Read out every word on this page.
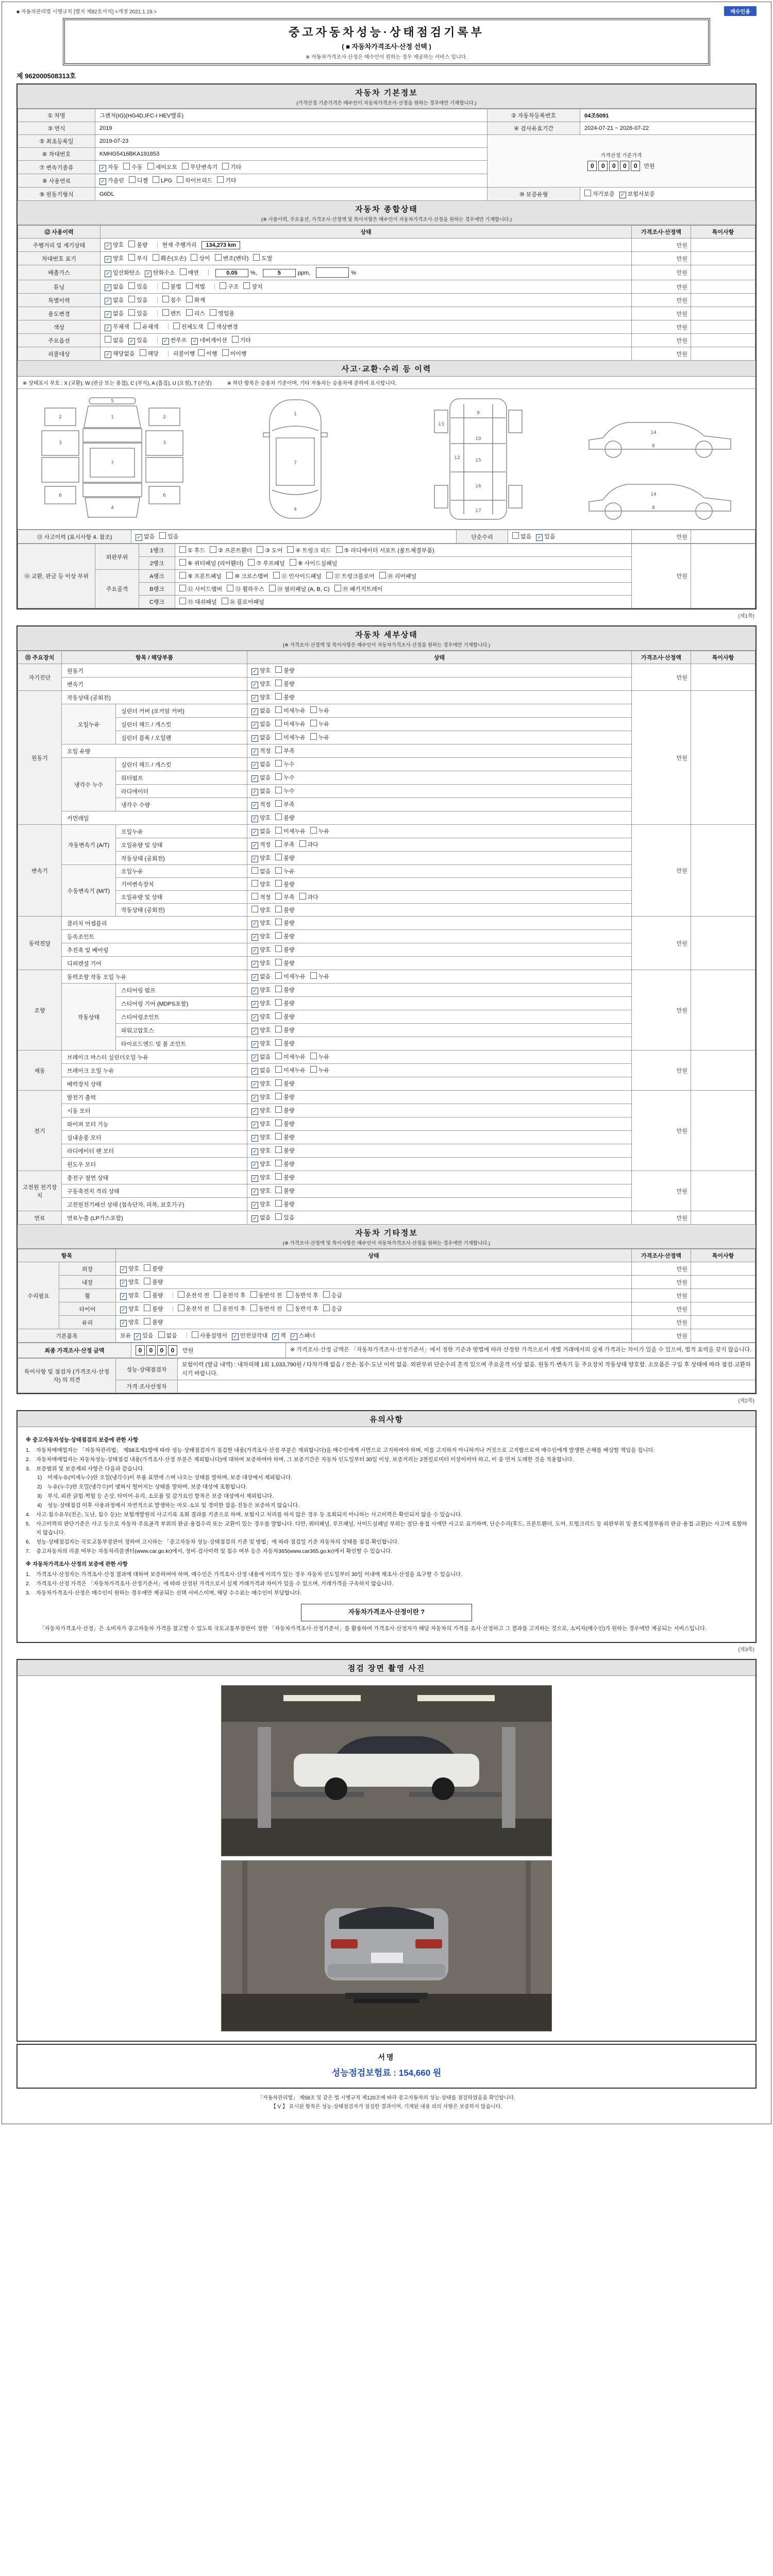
■ 자동차관리법 시행규칙 [별지 제82호서식] <개정 2021.1.19.>	매수인용
중고자동차성능·상태점검기록부
( ■ 자동차가격조사·산정 선택 )
※ 자동차가격조사·산정은 매수인이 원하는 경우 제공하는 서비스 입니다.
제 962000508313호
자동차 기본정보
(가격산정 기준가격은 매수인이 자동차가격조사·산정을 원하는 경우에만 기재합니다.)
① 차명	그랜저(IG)(HG4D,IFC-I HEV밸류)	② 자동차등록번호	04조5091
③ 연식	2019	④ 검사유효기간	2024-07-21 ~ 2026-07-22
⑤ 최초등록일	2019-07-23	가격산정 기준가격
0 0 0 0 0 만원	

⑥ 차대번호	KMHG5416BKA191853		
⑦ 변속기종류	✓ 자동 수동 세미오토 무단변속기 기타		
⑧ 사용연료	✓ 가솔린 디젤 LPG 하이브리드 기타		
⑨ 원동기형식	G6DL	⑩ 보증유형	자가보증 ✓ 보험사보증
자동차 종합상태
(※ 사용이력, 주요옵션, 가격조사·산정액 및 특이사항은 매수인이 자동차가격조사·산정을 원하는 경우에만 기재합니다.)
⑫ 사용이력	상태	가격조사·산정액	특이사항
주행거리 및 계기상태	✓ 양호 불량 현재 주행거리 134,273 km	만원	
차대번호 표기	✓ 양호 부식 훼손(오손) 상이 변조(변타) 도말	만원	
배출가스	✓ 일산화탄소 ✓ 탄화수소 매연 0.05 %, 5 ppm,　 %	만원	
튜닝	✓ 없음 있음 불법 적법 구조 장치	만원	
특별이력	✓ 없음 있음 침수 화재	만원	
용도변경	✓ 없음 있음 렌트 리스 영업용	만원	
색상	✓ 무채색 유채색 전체도색 색상변경	만원	
주요옵션	없음 ✓ 있음 ✓ 썬루프 ✓ 네비게이션 기타	만원	
리콜대상	✓ 해당없음 해당 리콜이행 이행 미이행	만원	
사고·교환·수리 등 이력
※ 상태표시 부호 : X (교환), W (판금 또는 용접), C (부식), A (흠집), U (요철), T (손상)	※ 하단 항목은 승용차 기준이며, 기타 자동차는 승용차에 준하여 표시합니다.
1
2	2
3	3
4
5
6	6
7
1
7
4
9
10
12
13
15
16
17
14
8
14
8
⑬ 사고이력 (표시사항 4. 참조)	✓ 없음 있음	단순수리	없음 ✓ 있음	만원	
⑭ 교환, 판금 등 이상 부위	외판부위	1랭크	① 후드 ② 프론트휀더 ③ 도어 ④ 트렁크 리드 ⑤ 라디에이터 서포트 (볼트체결부품)	만원	
		2랭크	⑥ 쿼터패널 (리어휀더) ⑦ 루프패널 ⑧ 사이드실패널		
	주요골격	A랭크	⑨ 프론트패널 ⑩ 크로스멤버 ⑪ 인사이드패널 ⑰ 트렁크플로어 ⑱ 리어패널		
		B랭크	⑫ 사이드멤버 ⑬ 휠하우스 ⑭ 필러패널 (A, B, C) ⑲ 패키지트레이		
		C랭크	⑮ 대쉬패널 ⑯ 플로어패널		
(제1쪽)
자동차 세부상태
(※ 가격조사·산정액 및 특이사항은 매수인이 자동차가격조사·산정을 원하는 경우에만 기재합니다.)
⑮ 주요장치	항목 / 해당부품		상태	가격조사·산정액	특이사항
자기진단	원동기		✓ 양호 불량	만원	
	변속기		✓ 양호 불량		
원동기	작동상태 (공회전)		✓ 양호 불량	만원	
	오일누유	실린더 커버 (로커암 커버)	✓ 없음 미세누유 누유		
		실린더 헤드 / 개스킷	✓ 없음 미세누유 누유		
		실린더 블록 / 오일팬	✓ 없음 미세누유 누유		
	오일 유량		✓ 적정 부족		
	냉각수 누수	실린더 헤드 / 개스킷	✓ 없음 누수		
		워터펌프	✓ 없음 누수		
		라디에이터	✓ 없음 누수		
		냉각수 수량	✓ 적정 부족		
	커먼레일		✓ 양호 불량		
변속기	자동변속기 (A/T)	오일누유	✓ 없음 미세누유 누유	만원	
		오일유량 및 상태	✓ 적정 부족 과다		
		작동상태 (공회전)	✓ 양호 불량		
	수동변속기 (M/T)	오일누유	없음 누유		
		기어변속장치	양호 불량		
		오일유량 및 상태	적정 부족 과다		
		작동상태 (공회전)	양호 불량		
동력전달	클러치 어셈블리		✓ 양호 불량	만원	
	등속조인트		✓ 양호 불량		
	추진축 및 베어링		✓ 양호 불량		
	디퍼렌셜 기어		✓ 양호 불량		
조향	동력조향 작동 오일 누유		✓ 없음 미세누유 누유	만원	
	작동상태	스티어링 펌프	✓ 양호 불량		
		스티어링 기어 (MDPS포함)	✓ 양호 불량		
		스티어링조인트	✓ 양호 불량		
		파워고압호스	✓ 양호 불량		
		타이로드엔드 및 볼 조인트	✓ 양호 불량		
제동	브레이크 마스터 실린더오일 누유		✓ 없음 미세누유 누유	만원	
	브레이크 오일 누유		✓ 없음 미세누유 누유		
	배력장치 상태		✓ 양호 불량		
전기	발전기 출력		✓ 양호 불량	만원	
	시동 모터		✓ 양호 불량		
	와이퍼 모터 기능		✓ 양호 불량		
	실내송풍 모터		✓ 양호 불량		
	라디에이터 팬 모터		✓ 양호 불량		
	윈도우 모터		✓ 양호 불량		
고전원 전기장치	충전구 절연 상태		✓ 양호 불량	만원	
	구동축전지 격리 상태		✓ 양호 불량		
	고전원전기배선 상태 (접속단자, 피복, 보호기구)		✓ 양호 불량		
연료	연료누출 (LP가스포함)		✓ 없음 있음	만원	
자동차 기타정보
(※ 가격조사·산정액 및 특이사항은 매수인이 자동차가격조사·산정을 원하는 경우에만 기재합니다.)
항목		상태	가격조사·산정액	특이사항
수리필요	외장	✓ 양호 불량	만원	
	내장	✓ 양호 불량	만원	
	휠	✓ 양호 불량 운전석 전 운전석 후 동반석 전 동반석 후 응급	만원	
	타이어	✓ 양호 불량 운전석 전 운전석 후 동반석 전 동반석 후 응급	만원	
	유리	✓ 양호 불량	만원	
기본품목		보유 ✓ 있음 없음 사용설명서 ✓ 안전삼각대 ✓ 잭 ✓ 스패너	만원	
최종 가격조사·산정 금액	0 0 0 0 만원	※ 가격조사·산정 금액은 「자동차가격조사·산정기준서」에서 정한 기준과 방법에 따라 산정한 가격으로서 개별 거래에서의 실제 가격과는 차이가 있을 수 있으며, 법적 효력을 갖지 않습니다.
특이사항 및 점검자 (가격조사·산정자) 의 의견	성능·상태점검자	보험이력 (발급 내역) : 내차피해 1회 1,033,790원 / 타차가해 없음 / 전손·침수·도난 이력 없음. 외판부위 단순수리 흔적 있으며 주요골격 이상 없음. 원동기·변속기 등 주요장치 작동상태 양호함. 소모품은 구입 후 상태에 따라 점검·교환하시기 바랍니다.
	가격·조사산정자	
(제2쪽)
유의사항
※ 중고자동차성능·상태점검의 보증에 관한 사항
1.	자동차매매업자는 「자동차관리법」 제58조제1항에 따라 성능·상태점검자가 점검한 내용(가격조사·산정 부분은 제외합니다)을 매수인에게 서면으로 고지하여야 하며, 이를 고지하지 아니하거나 거짓으로 고지함으로써 매수인에게 발생한 손해를 배상할 책임을 집니다.
2.	자동차매매업자는 자동차성능·상태점검 내용(가격조사·산정 부분은 제외합니다)에 대하여 보증하여야 하며, 그 보증기간은 자동차 인도일부터 30일 이상, 보증거리는 2천킬로미터 이상이어야 하고, 이 중 먼저 도래한 것을 적용합니다.
3.	보증범위 및 보증제외 사항은 다음과 같습니다.
1)	미세누유(미세누수)란 오일(냉각수)이 부품 표면에 스며 나오는 상태를 말하며, 보증 대상에서 제외됩니다.
2)	누유(누수)란 오일(냉각수)이 맺혀서 떨어지는 상태를 말하며, 보증 대상에 포함됩니다.
3)	부식, 외관 긁힘·찍힘 등 손상, 타이어·유리, 소모품 및 감가요인 항목은 보증 대상에서 제외됩니다.
4)	성능·상태점검 이후 사용과정에서 자연적으로 발생하는 마모·소모 및 경미한 잡음·진동은 보증하지 않습니다.
4.	사고·침수유무(전손, 도난, 침수 등)는 보험개발원의 사고기록 조회 결과를 기준으로 하며, 보험사고 처리를 하지 않은 경우 등 조회되지 아니하는 사고이력은 확인되지 않을 수 있습니다.
5.	사고이력의 판단기준은 사고 등으로 자동차 주요골격 부위의 판금·용접수리 또는 교환이 있는 경우를 말합니다. 다만, 쿼터패널, 루프패널, 사이드실패널 부위는 절단·용접 시에만 사고로 표기하며, 단순수리(후드, 프론트휀더, 도어, 트렁크리드 등 외판부위 및 볼트체결부품의 판금·용접·교환)는 사고에 포함하지 않습니다.
6.	성능·상태점검자는 국토교통부장관이 정하여 고시하는 「중고자동차 성능·상태점검의 기준 및 방법」에 따라 점검일 기준 자동차의 상태를 점검·확인합니다.
7.	중고자동차의 리콜 여부는 자동차리콜센터(www.car.go.kr)에서, 정비·검사이력 및 침수 여부 등은 자동차365(www.car365.go.kr)에서 확인할 수 있습니다.
※ 자동차가격조사·산정의 보증에 관한 사항
1.	가격조사·산정자는 가격조사·산정 결과에 대하여 보증하여야 하며, 매수인은 가격조사·산정 내용에 이의가 있는 경우 자동차 인도일부터 30일 이내에 재조사·산정을 요구할 수 있습니다.
2.	가격조사·산정 가격은 「자동차가격조사·산정기준서」에 따라 산정된 가격으로서 실제 거래가격과 차이가 있을 수 있으며, 거래가격을 구속하지 않습니다.
3.	자동차가격조사·산정은 매수인이 원하는 경우에만 제공되는 선택 서비스이며, 해당 수수료는 매수인이 부담합니다.
자동차가격조사·산정이란 ?
「자동차가격조사·산정」은 소비자가 중고자동차 가격을 참고할 수 있도록 국토교통부장관이 정한 「자동차가격조사·산정기준서」를 활용하여 가격조사·산정자가 해당 자동차의 가격을 조사·산정하고 그 결과를 고지하는 것으로, 소비자(매수인)가 원하는 경우에만 제공되는 서비스입니다.
(제3쪽)
점검 장면 촬영 사진
서명
성능점검보험료 : 154,660 원
「자동차관리법」 제58조 및 같은 법 시행규칙 제120조에 따라 중고자동차의 성능·상태를 점검하였음을 확인합니다.
【 V 】 표시된 항목은 성능·상태점검자가 점검한 결과이며, 기재된 내용 외의 사항은 보증하지 않습니다.
